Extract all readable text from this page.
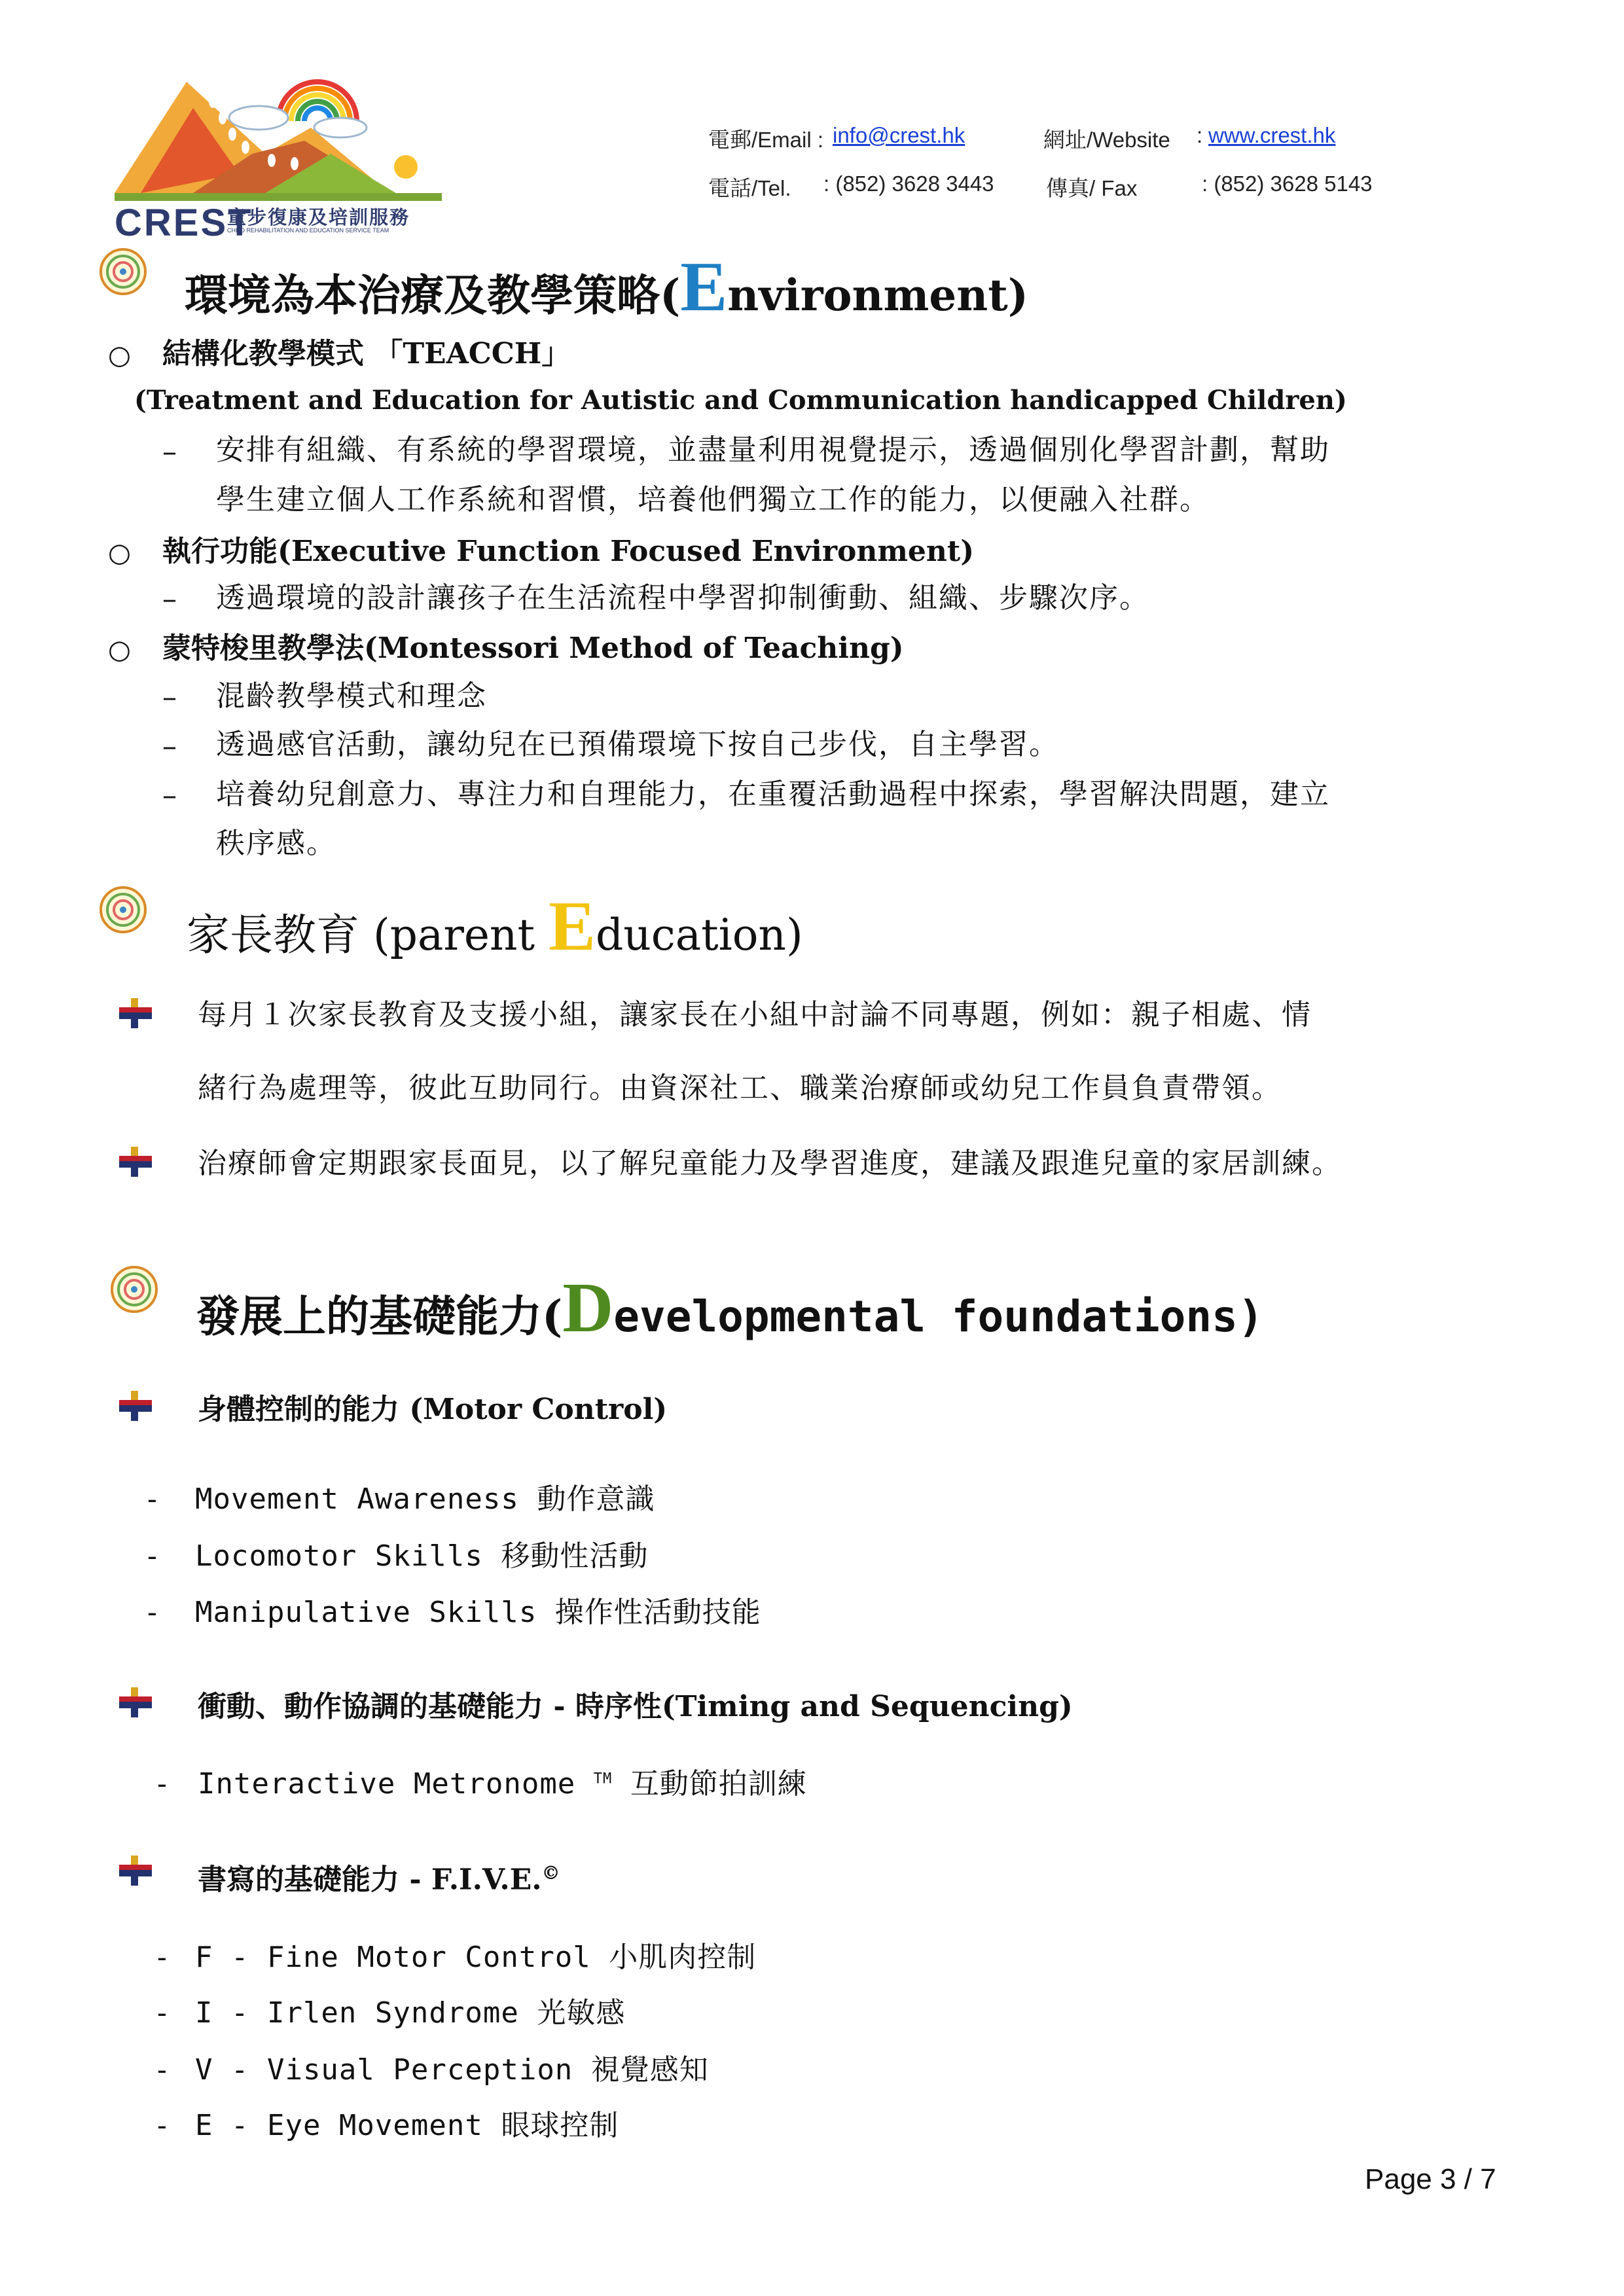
CREST
童步復康及培訓服務
CHILD REHABILITATION AND EDUCATION SERVICE TEAM
電郵/Email : info@crest.hk	網址/Website : www.crest.hk
電話/Tel. : (852) 3628 3443 傳真/ Fax	: (852) 3628 5143
環境為本治療及教學策略(Environment)
○ 結構化教學模式 「TEACCH」
(Treatment and Education for Autistic and Communication handicapped Children)
– 安排有組織、有系統的學習環境，並盡量利用視覺提示，透過個別化學習計劃，幫助
學生建立個人工作系統和習慣，培養他們獨立工作的能力，以便融入社群。
○ 執行功能(Executive Function Focused Environment)
– 透過環境的設計讓孩子在生活流程中學習抑制衝動、組織、步驟次序。
○ 蒙特梭里教學法(Montessori Method of Teaching)
– 混齡教學模式和理念
– 透過感官活動，讓幼兒在已預備環境下按自己步伐，自主學習。
– 培養幼兒創意力、專注力和自理能力，在重覆活動過程中探索，學習解決問題，建立
秩序感。
家長教育 (parent Education)
每月１次家長教育及支援小組，讓家長在小組中討論不同專題，例如：親子相處、情
緒行為處理等，彼此互助同行。由資深社工、職業治療師或幼兒工作員負責帶領。
治療師會定期跟家長面見，以了解兒童能力及學習進度，建議及跟進兒童的家居訓練。
發展上的基礎能力(Developmental foundations)
身體控制的能力 (Motor Control)
- Movement Awareness 動作意識
- Locomotor Skills 移動性活動
- Manipulative Skills 操作性活動技能
衝動、動作協調的基礎能力 - 時序性(Timing and Sequencing)
- Interactive Metronome ™ 互動節拍訓練
書寫的基礎能力 - F.I.V.E.©
- F - Fine Motor Control 小肌肉控制
- I - Irlen Syndrome 光敏感
- V - Visual Perception 視覺感知
- E - Eye Movement 眼球控制
Page 3 / 7
